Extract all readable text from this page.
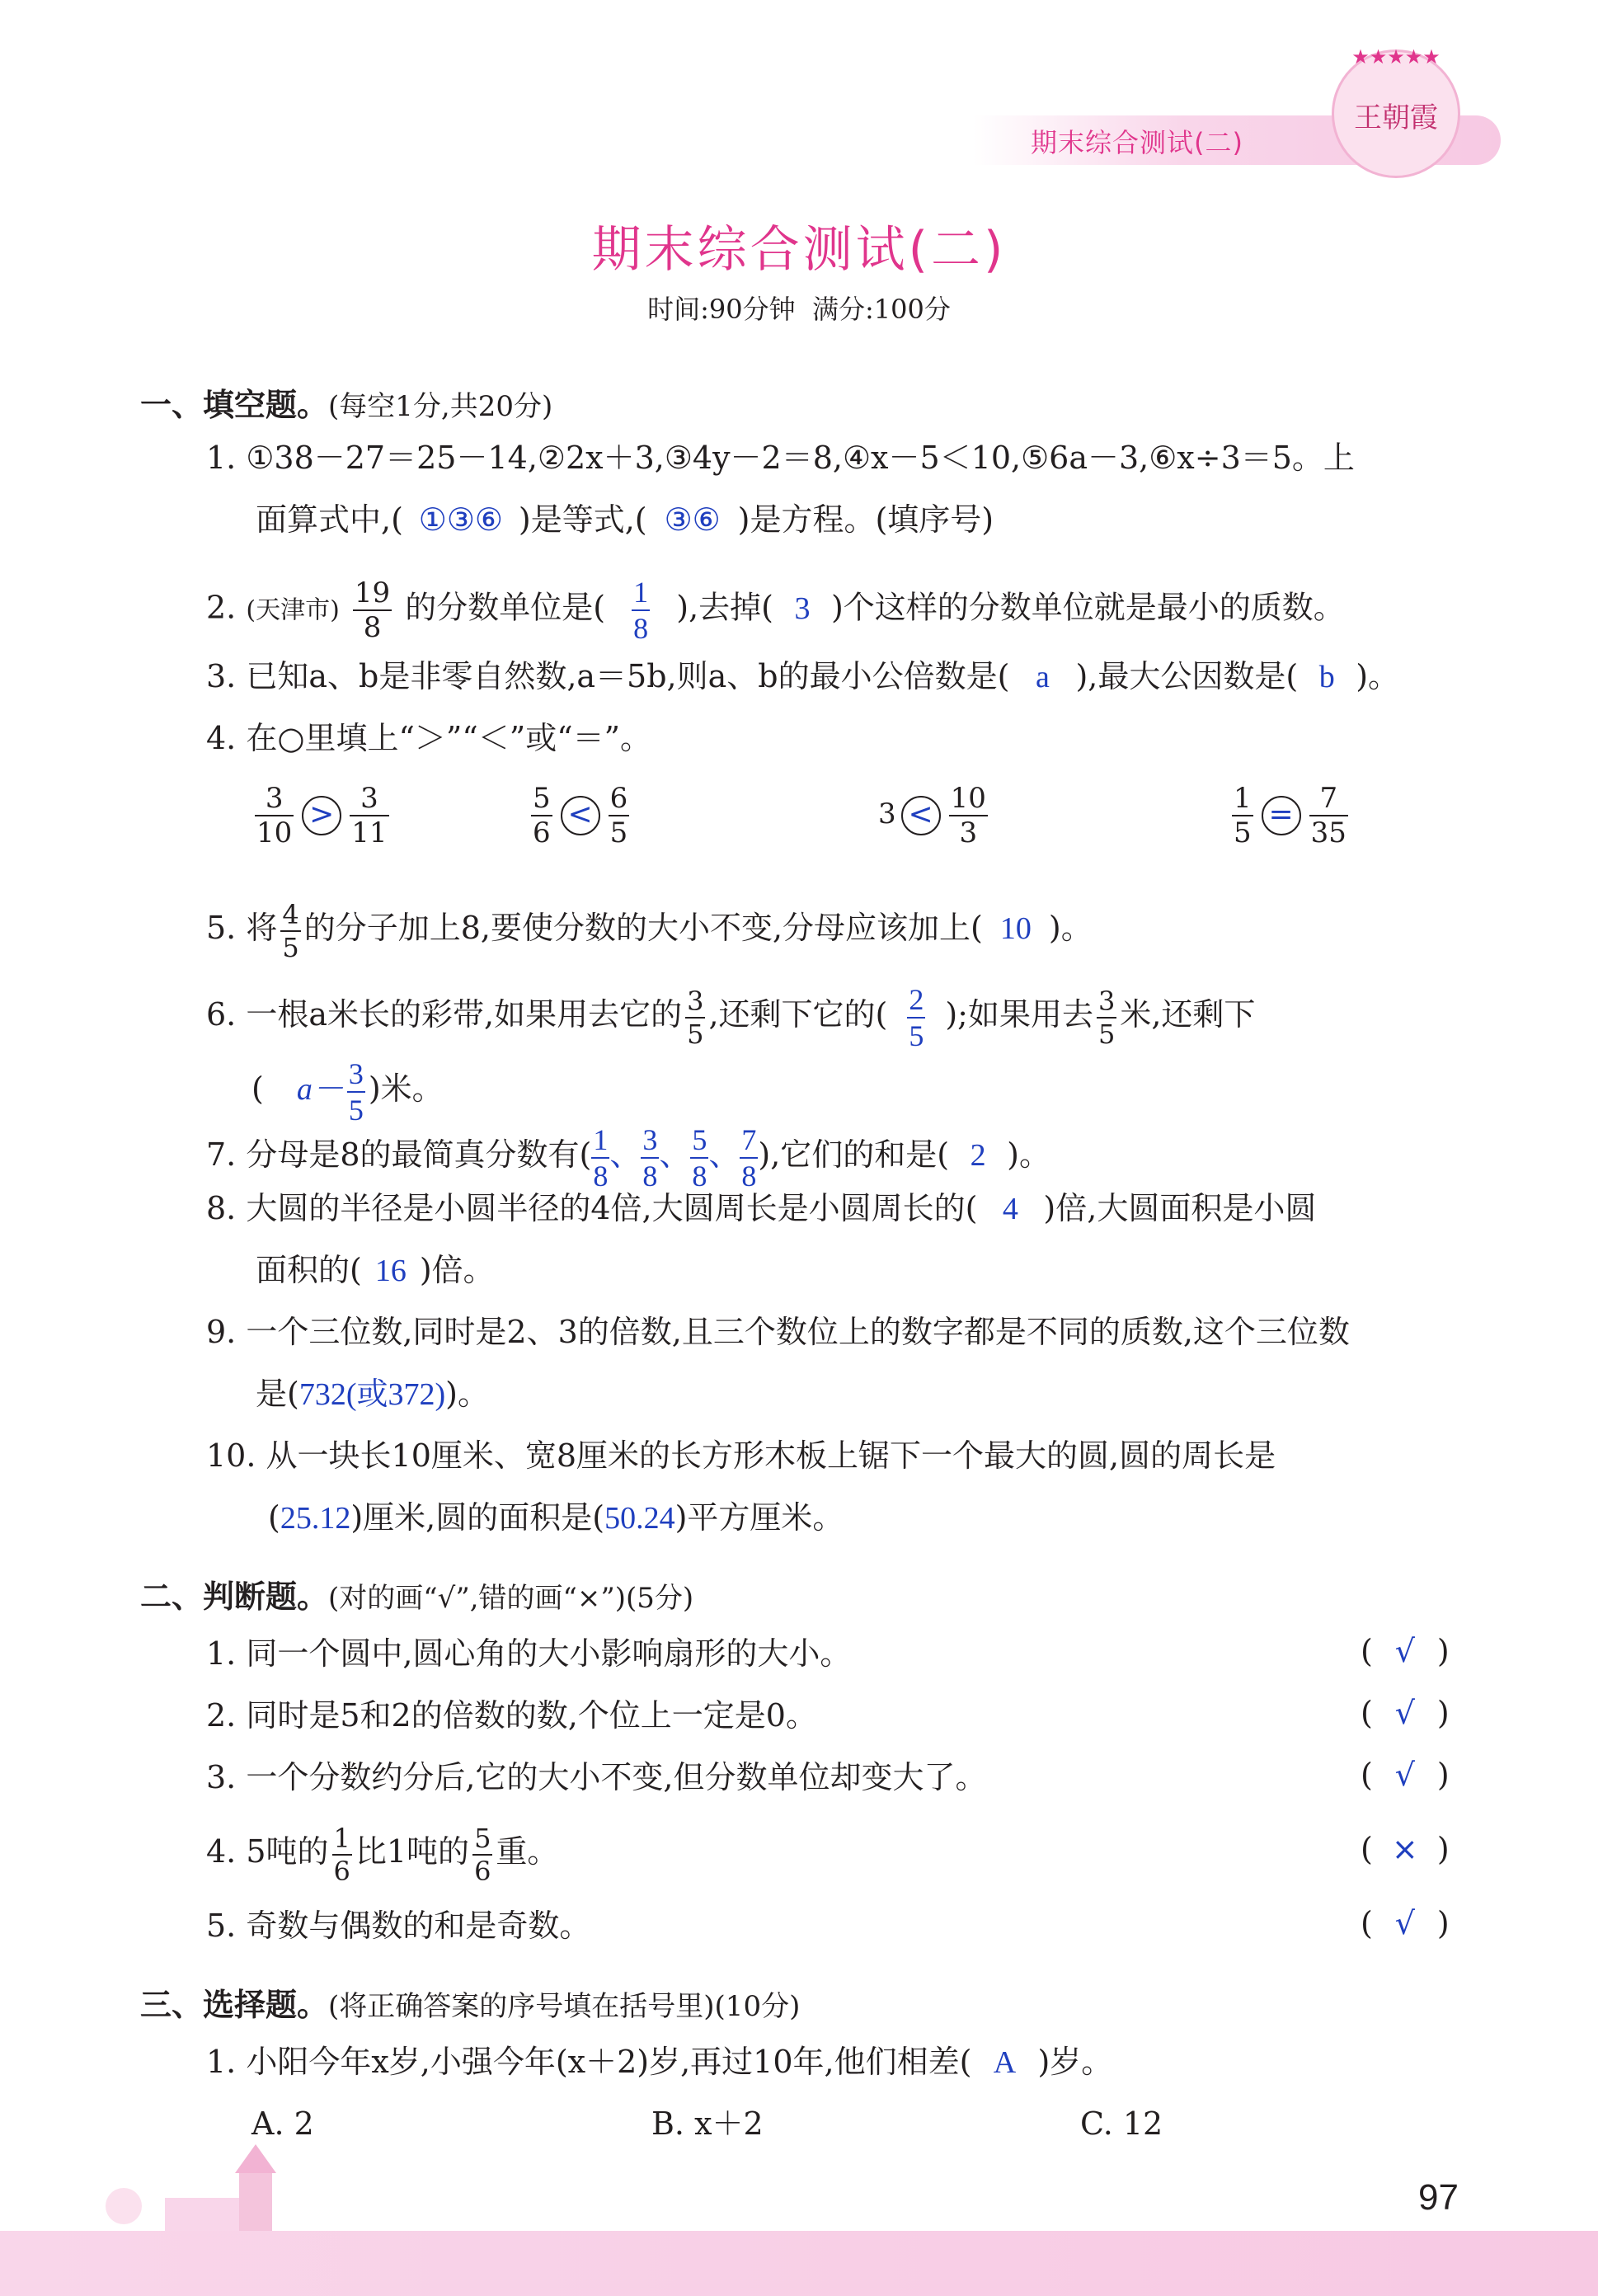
期末综合测试(二)
★★★★★
王朝霞
期末综合测试(二)
时间:90分钟  满分:100分
一、填空题。(每空1分,共20分)
1. ①38－27＝25－14,②2x＋3,③4y－2＝8,④x－5＜10,⑤6a－3,⑥x÷3＝5。上
面算式中,( ①③⑥ )是等式,( ③⑥ )是方程。(填序号)
2. (天津市) $\frac{19}{8}$ 的分数单位是( $\frac{1}{8}$ ),去掉( 3 )个这样的分数单位就是最小的质数。
3. 已知a、b是非零自然数,a＝5b,则a、b的最小公倍数是( a ),最大公因数是( b )。
4. 在○里填上“＞”“＜”或“＝”。
$\frac{3}{10} > \frac{3}{11}$	$\frac{5}{6} < \frac{6}{5}$	$3 < \frac{10}{3}$	$\frac{1}{5} = \frac{7}{35}$
5. 将 $\frac{4}{5}$ 的分子加上8,要使分数的大小不变,分母应该加上( 10 )。
6. 一根a米长的彩带,如果用去它的 $\frac{3}{5}$ ,还剩下它的( $\frac{2}{5}$ );如果用去 $\frac{3}{5}$ 米,还剩下
( $a- \frac{3}{5}$ )米。
7. 分母是8的最简真分数有( $\frac{1}{8}$ 、 $\frac{3}{8}$ 、 $\frac{5}{8}$ 、 $\frac{7}{8}$ ),它们的和是( 2 )。
8. 大圆的半径是小圆半径的4倍,大圆周长是小圆周长的( 4 )倍,大圆面积是小圆
面积的( 16 )倍。
9. 一个三位数,同时是2、3的倍数,且三个数位上的数字都是不同的质数,这个三位数
是(732(或372))。
10. 从一块长10厘米、宽8厘米的长方形木板上锯下一个最大的圆,圆的周长是
(25.12)厘米,圆的面积是(50.24)平方厘米。
二、判断题。(对的画“√”,错的画“×”)(5分)
1. 同一个圆中,圆心角的大小影响扇形的大小。	( √ )
2. 同时是5和2的倍数的数,个位上一定是0。	( √ )
3. 一个分数约分后,它的大小不变,但分数单位却变大了。	( √ )
4. 5吨的 $\frac{1}{6}$ 比1吨的 $\frac{5}{6}$ 重。	( × )
5. 奇数与偶数的和是奇数。	( √ )
三、选择题。(将正确答案的序号填在括号里)(10分)
1. 小阳今年x岁,小强今年(x＋2)岁,再过10年,他们相差( A )岁。
A. 2	B. x＋2	C. 12
97
